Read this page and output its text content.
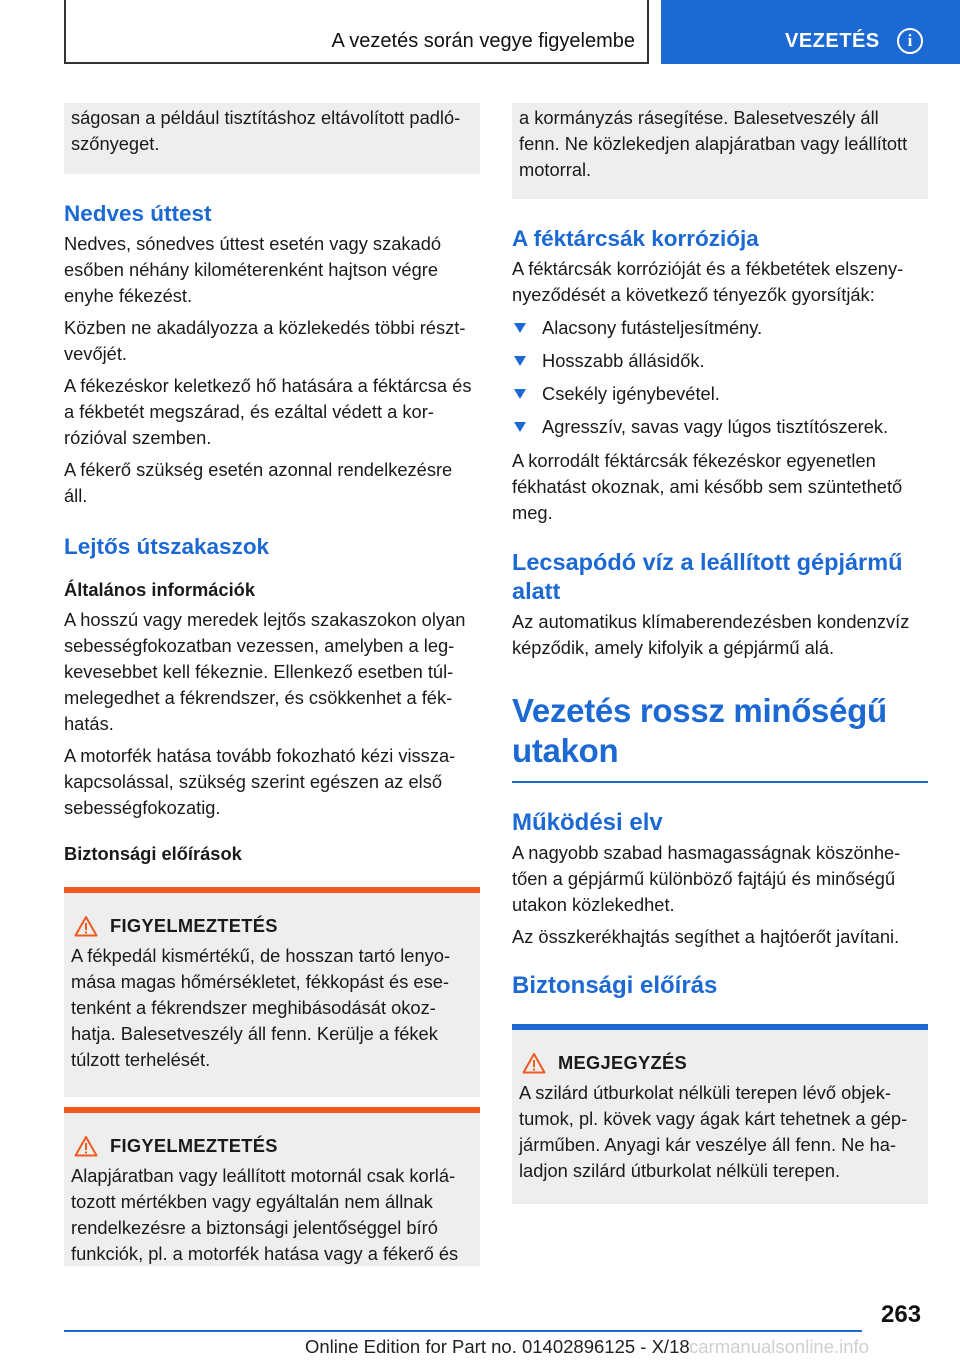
A vezetés során vegye figyelembe	VEZETÉS	i

ságosan a például tisztításhoz eltávolított padlószőnyeget.

Nedves úttest

Nedves, sónedves úttest esetén vagy szakadó esőben néhány kilométerenként hajtson végre enyhe fékezést.

Közben ne akadályozza a közlekedés többi résztvevőjét.

A fékezéskor keletkező hő hatására a féktárcsa és a fékbetét megszárad, és ezáltal védett a korrózióval szemben.

A fékerő szükség esetén azonnal rendelkezésre áll.

Lejtős útszakaszok
Általános információk

A hosszú vagy meredek lejtős szakaszokon olyan sebességfokozatban vezessen, amelyben a legkevesebbet kell fékeznie. Ellenkező esetben túlmelegedhet a fékrendszer, és csökkenhet a fékhatás.

A motorfék hatása tovább fokozható kézi visszakapcsolással, szükség szerint egészen az első sebességfokozatig.

Biztonsági előírások
FIGYELMEZTETÉS

A fékpedál kismértékű, de hosszan tartó lenyomása magas hőmérsékletet, fékkopást és esetenként a fékrendszer meghibásodását okozhatja. Balesetveszély áll fenn. Kerülje a fékek túlzott terhelését.

FIGYELMEZTETÉS

Alapjáratban vagy leállított motornál csak korlátozott mértékben vagy egyáltalán nem állnak rendelkezésre a biztonsági jelentőséggel bíró funkciók, pl. a motorfék hatása vagy a fékerő és

a kormányzás rásegítése. Balesetveszély áll fenn. Ne közlekedjen alapjáratban vagy leállított motorral.

A féktárcsák korróziója

A féktárcsák korrózióját és a fékbetétek elszenynyeződését a következő tényezők gyorsítják:

Alacsony futásteljesítmény.
Hosszabb állásidők.
Csekély igénybevétel.
Agresszív, savas vagy lúgos tisztítószerek.

A korrodált féktárcsák fékezéskor egyenetlen fékhatást okoznak, ami később sem szüntethető meg.

Lecsapódó víz a leállított gépjármű alatt

Az automatikus klímaberendezésben kondenzvíz képződik, amely kifolyik a gépjármű alá.

Vezetés rossz minőségű utakon
Működési elv

A nagyobb szabad hasmagasságnak köszönhetően a gépjármű különböző fajtájú és minőségű utakon közlekedhet.

Az összkerékhajtás segíthet a hajtóerőt javítani.

Biztonsági előírás
MEGJEGYZÉS

A szilárd útburkolat nélküli terepen lévő objektumok, pl. kövek vagy ágak kárt tehetnek a gépjárműben. Anyagi kár veszélye áll fenn. Ne haladjon szilárd útburkolat nélküli terepen.

263
Online Edition for Part no. 01402896125 - X/18 carmanualsonline.info
